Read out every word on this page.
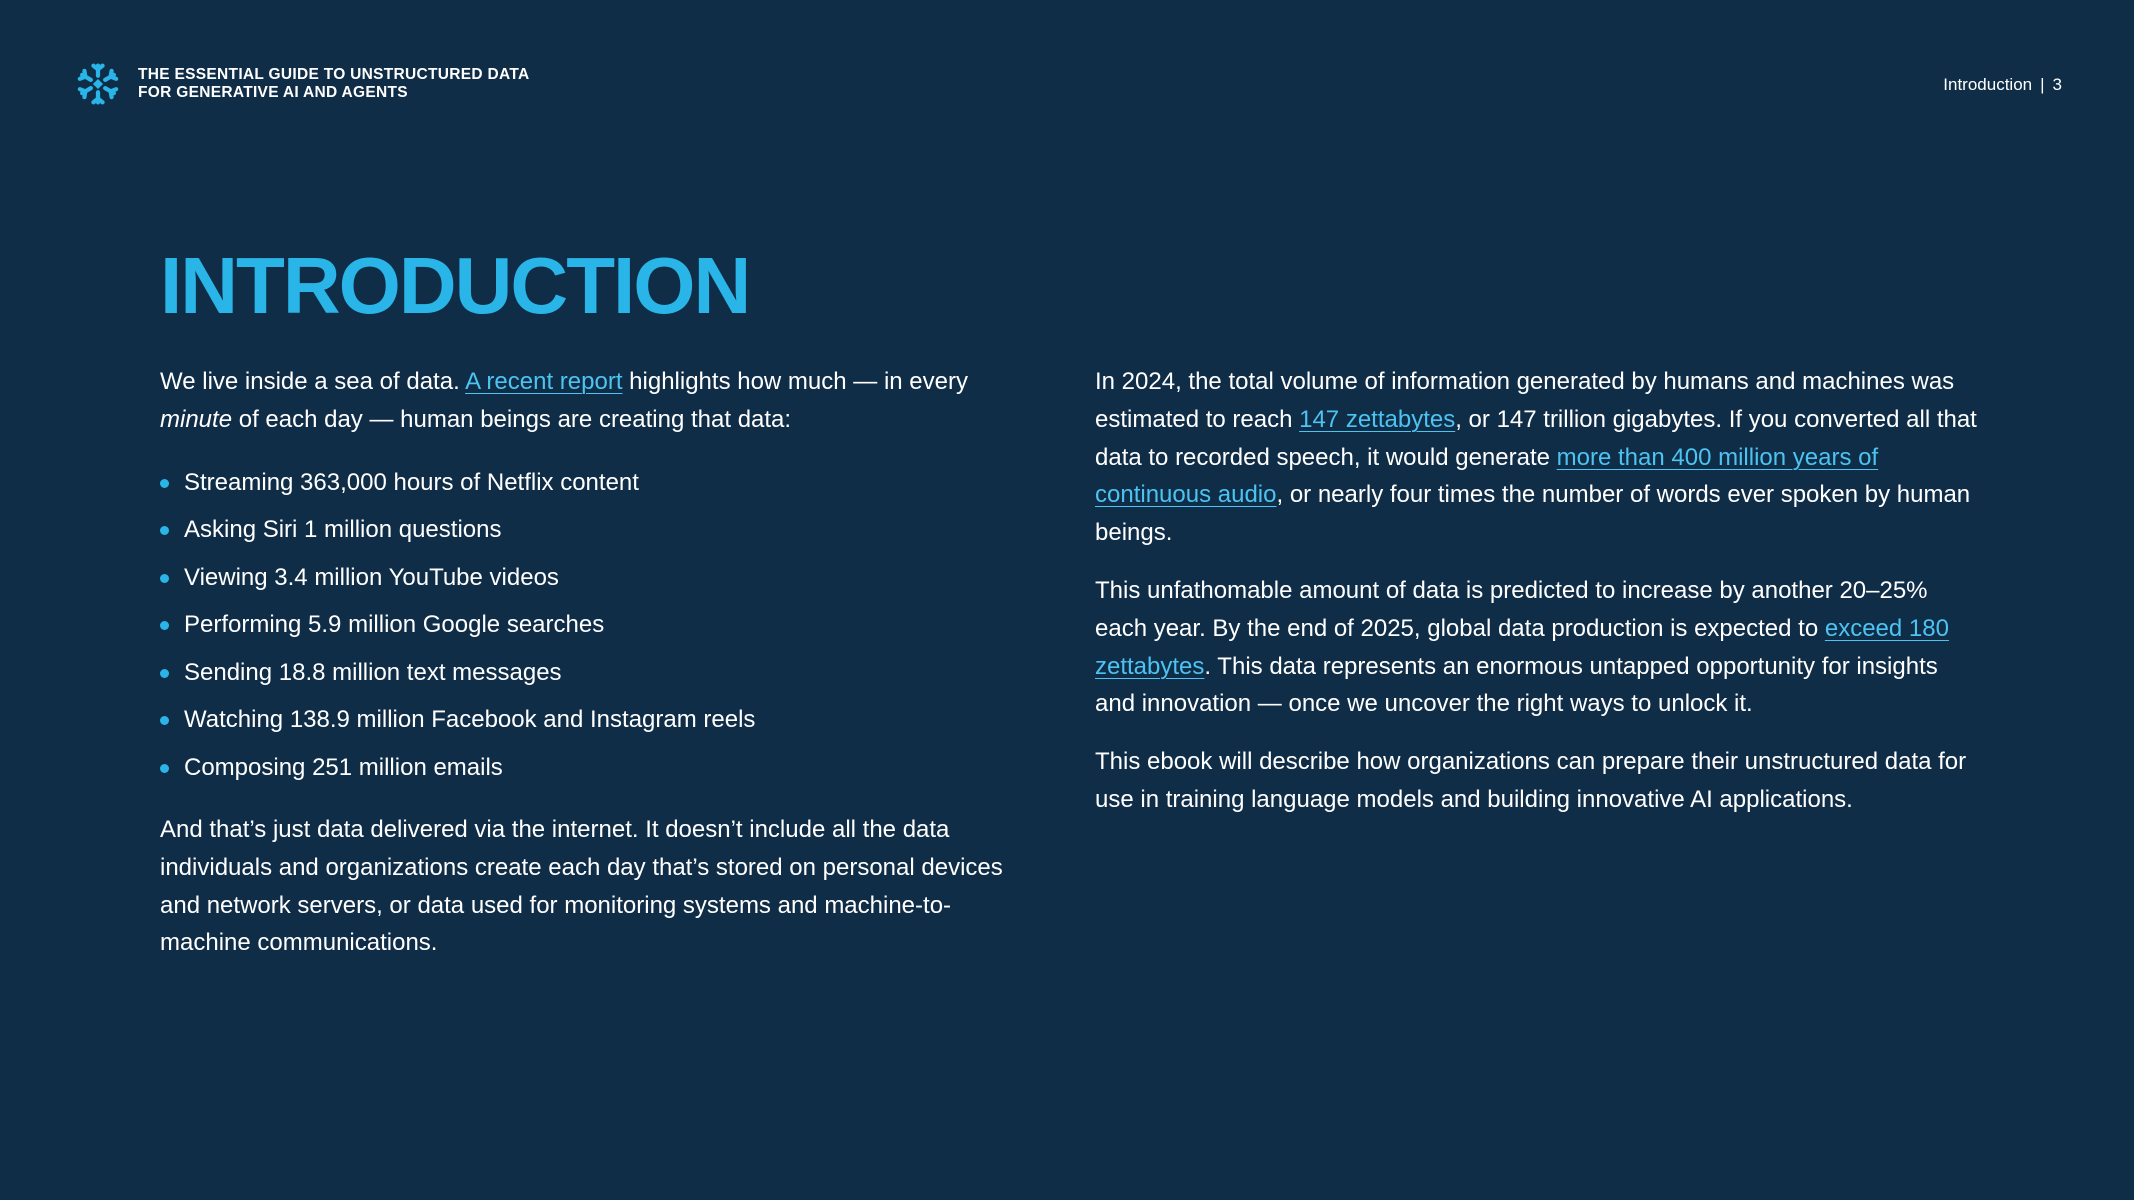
THE ESSENTIAL GUIDE TO UNSTRUCTURED DATA
FOR GENERATIVE AI AND AGENTS	Introduction | 3
INTRODUCTION

We live inside a sea of data. A recent report highlights how much — in every minute of each day — human beings are creating that data:

Streaming 363,000 hours of Netflix content
Asking Siri 1 million questions
Viewing 3.4 million YouTube videos
Performing 5.9 million Google searches
Sending 18.8 million text messages
Watching 138.9 million Facebook and Instagram reels
Composing 251 million emails

And that’s just data delivered via the internet. It doesn’t include all the data individuals and organizations create each day that’s stored on personal devices and network servers, or data used for monitoring systems and machine-to-machine communications.

In 2024, the total volume of information generated by humans and machines was estimated to reach 147 zettabytes, or 147 trillion gigabytes. If you converted all that data to recorded speech, it would generate more than 400 million years of continuous audio, or nearly four times the number of words ever spoken by human beings.

This unfathomable amount of data is predicted to increase by another 20–25% each year. By the end of 2025, global data production is expected to exceed 180 zettabytes. This data represents an enormous untapped opportunity for insights and innovation — once we uncover the right ways to unlock it.

This ebook will describe how organizations can prepare their unstructured data for use in training language models and building innovative AI applications.
